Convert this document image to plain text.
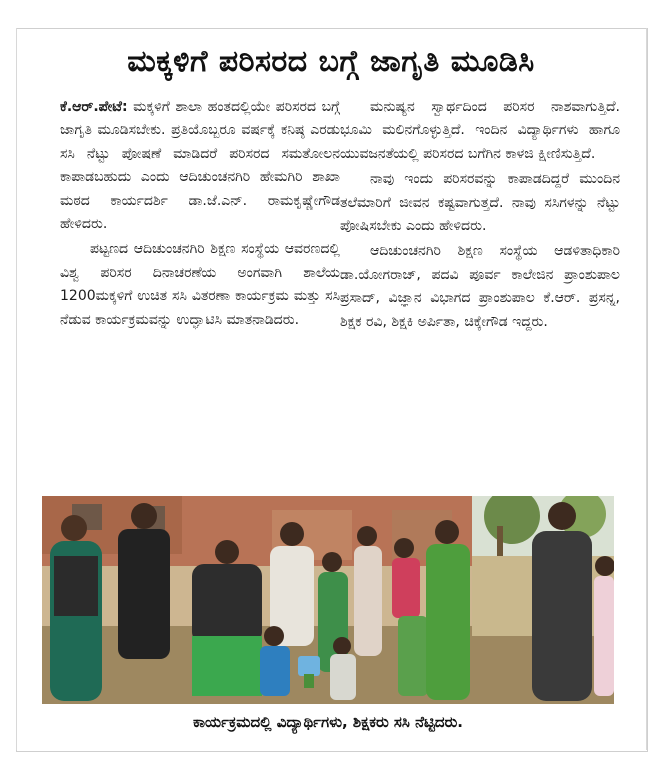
ಮಕ್ಕಳಿಗೆ ಪರಿಸರದ ಬಗ್ಗೆ ಜಾಗೃತಿ ಮೂಡಿಸಿ

ಕೆ.ಆರ್.ಪೇಟೆ: ಮಕ್ಕಳಿಗೆ ಶಾಲಾ ಹಂತದಲ್ಲಿಯೇ ಪರಿಸರದ ಬಗ್ಗೆ ಜಾಗೃತಿ ಮೂಡಿಸಬೇಕು. ಪ್ರತಿಯೊಬ್ಬರೂ ವರ್ಷಕ್ಕೆ ಕನಿಷ್ಠ ಎರಡು ಸಸಿ ನೆಟ್ಟು ಪೋಷಣೆ ಮಾಡಿದರೆ ಪರಿಸರದ ಸಮತೋಲನ ಕಾಪಾಡಬಹುದು ಎಂದು ಆದಿಚುಂಚನಗಿರಿ ಹೇಮಗಿರಿ ಶಾಖಾ ಮಠದ ಕಾರ್ಯದರ್ಶಿ ಡಾ.ಜೆ.ಎನ್. ರಾಮಕೃಷ್ಣೇಗೌಡ ಹೇಳಿದರು.

ಪಟ್ಟಣದ ಆದಿಚುಂಚನಗಿರಿ ಶಿಕ್ಷಣ ಸಂಸ್ಥೆಯ ಆವರಣದಲ್ಲಿ ವಿಶ್ವ ಪರಿಸರ ದಿನಾಚರಣೆಯ ಅಂಗವಾಗಿ ಶಾಲೆಯ 1200ಮಕ್ಕಳಿಗೆ ಉಚಿತ ಸಸಿ ವಿತರಣಾ ಕಾರ್ಯಕ್ರಮ ಮತ್ತು ಸಸಿ ನೆಡುವ ಕಾರ್ಯಕ್ರಮವನ್ನು ಉದ್ಘಾಟಿಸಿ ಮಾತನಾಡಿದರು.

ಮನುಷ್ಯನ ಸ್ವಾರ್ಥದಿಂದ ಪರಿಸರ ನಾಶವಾಗುತ್ತಿದೆ. ಭೂಮಿ ಮಲಿನಗೊಳ್ಳುತ್ತಿದೆ. ಇಂದಿನ ವಿದ್ಯಾರ್ಥಿಗಳು ಹಾಗೂ ಯುವಜನತೆಯಲ್ಲಿ ಪರಿಸರದ ಬಗೆಗಿನ ಕಾಳಜಿ ಕ್ಷೀಣಿಸುತ್ತಿದೆ.

ನಾವು ಇಂದು ಪರಿಸರವನ್ನು ಕಾಪಾಡದಿದ್ದರೆ ಮುಂದಿನ ತಲೆಮಾರಿಗೆ ಜೀವನ ಕಷ್ಟವಾಗುತ್ತದೆ. ನಾವು ಸಸಿಗಳನ್ನು ನೆಟ್ಟು ಪೋಷಿಸಬೇಕು ಎಂದು ಹೇಳಿದರು.

ಆದಿಚುಂಚನಗಿರಿ ಶಿಕ್ಷಣ ಸಂಸ್ಥೆಯ ಆಡಳಿತಾಧಿಕಾರಿ ಡಾ.ಯೋಗರಾಜ್, ಪದವಿ ಪೂರ್ವ ಕಾಲೇಜಿನ ಪ್ರಾಂಶುಪಾಲ ಪ್ರಸಾದ್, ವಿಜ್ಞಾನ ವಿಭಾಗದ ಪ್ರಾಂಶುಪಾಲ ಕೆ.ಆರ್. ಪ್ರಸನ್ನ, ಶಿಕ್ಷಕ ರವಿ, ಶಿಕ್ಷಕಿ ಅರ್ಪಿತಾ, ಚಿಕ್ಕೇಗೌಡ ಇದ್ದರು.

ಕಾರ್ಯಕ್ರಮದಲ್ಲಿ ವಿದ್ಯಾರ್ಥಿಗಳು, ಶಿಕ್ಷಕರು ಸಸಿ ನೆಟ್ಟಿದರು.
